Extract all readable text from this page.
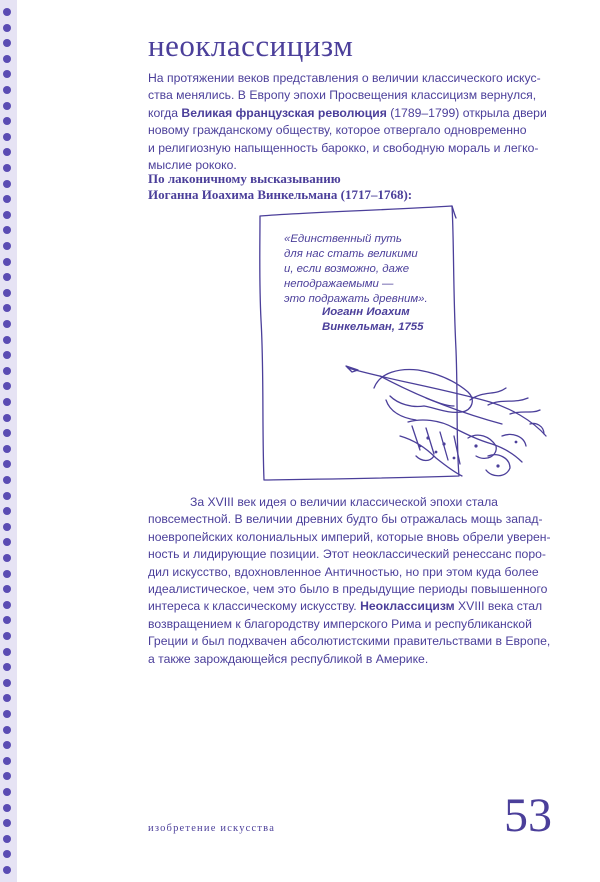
неоклассицизм
На протяжении веков представления о величии классического искус-
ства менялись. В Европу эпохи Просвещения классицизм вернулся,
когда Великая французская революция (1789–1799) открыла двери
новому гражданскому обществу, которое отвергало одновременно
и религиозную напыщенность барокко, и свободную мораль и легко-
мыслие рококо.
По лаконичному высказыванию
Иоганна Иоахима Винкельмана (1717–1768):
«Единственный путь
для нас стать великими
и, если возможно, даже
неподражаемыми —
это подражать древним».
Иоганн Иоахим
Винкельман, 1755
За XVIII век идея о величии классической эпохи стала
повсеместной. В величии древних будто бы отражалась мощь запад-
ноевропейских колониальных империй, которые вновь обрели уверен-
ность и лидирующие позиции. Этот неоклассический ренессанс поро-
дил искусство, вдохновленное Античностью, но при этом куда более
идеалистическое, чем это было в предыдущие периоды повышенного
интереса к классическому искусству. Неоклассицизм XVIII века стал
возвращением к благородству имперского Рима и республиканской
Греции и был подхвачен абсолютистскими правительствами в Европе,
а также зарождающейся республикой в Америке.
изобретение искусства	53
